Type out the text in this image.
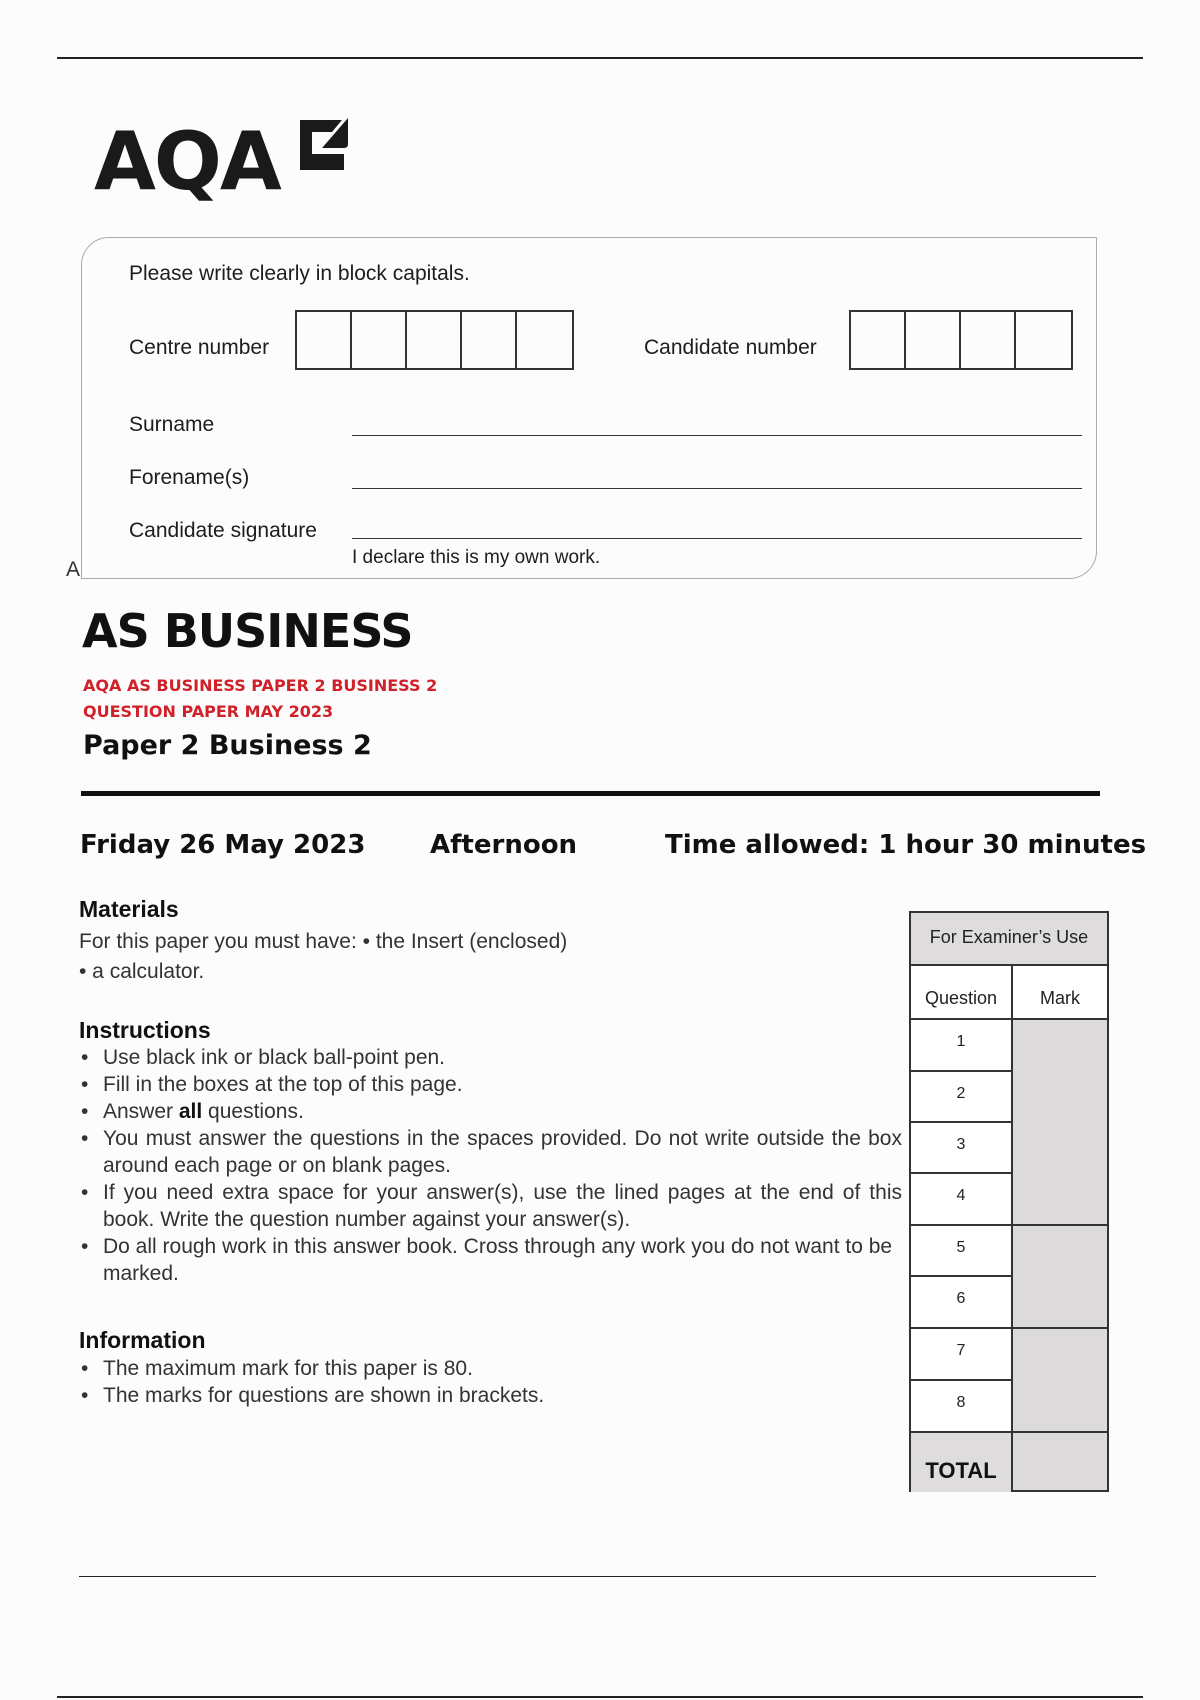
AQA
Please write clearly in block capitals.
Centre number	Candidate number
Surname
Forename(s)
Candidate signature
I declare this is my own work.
A
AS BUSINESS
AQA AS BUSINESS PAPER 2 BUSINESS 2
QUESTION PAPER MAY 2023
Paper 2 Business 2
Friday 26 May 2023 Afternoon	Time allowed: 1 hour 30 minutes
Materials
For this paper you must have: • the Insert (enclosed)
• a calculator.
Instructions
• Use black ink or black ball-point pen.
• Fill in the boxes at the top of this page.
• Answer all questions.
• You must answer the questions in the spaces provided. Do not write outside the box around each page or on blank pages.
• If you need extra space for your answer(s), use the lined pages at the end of this book. Write the question number against your answer(s).
• Do all rough work in this answer book. Cross through any work you do not want to be marked.
Information
• The maximum mark for this paper is 80.
• The marks for questions are shown in brackets.
For Examiner’s Use
Question	Mark
1
2
3
4
5
6
7
8
TOTAL
